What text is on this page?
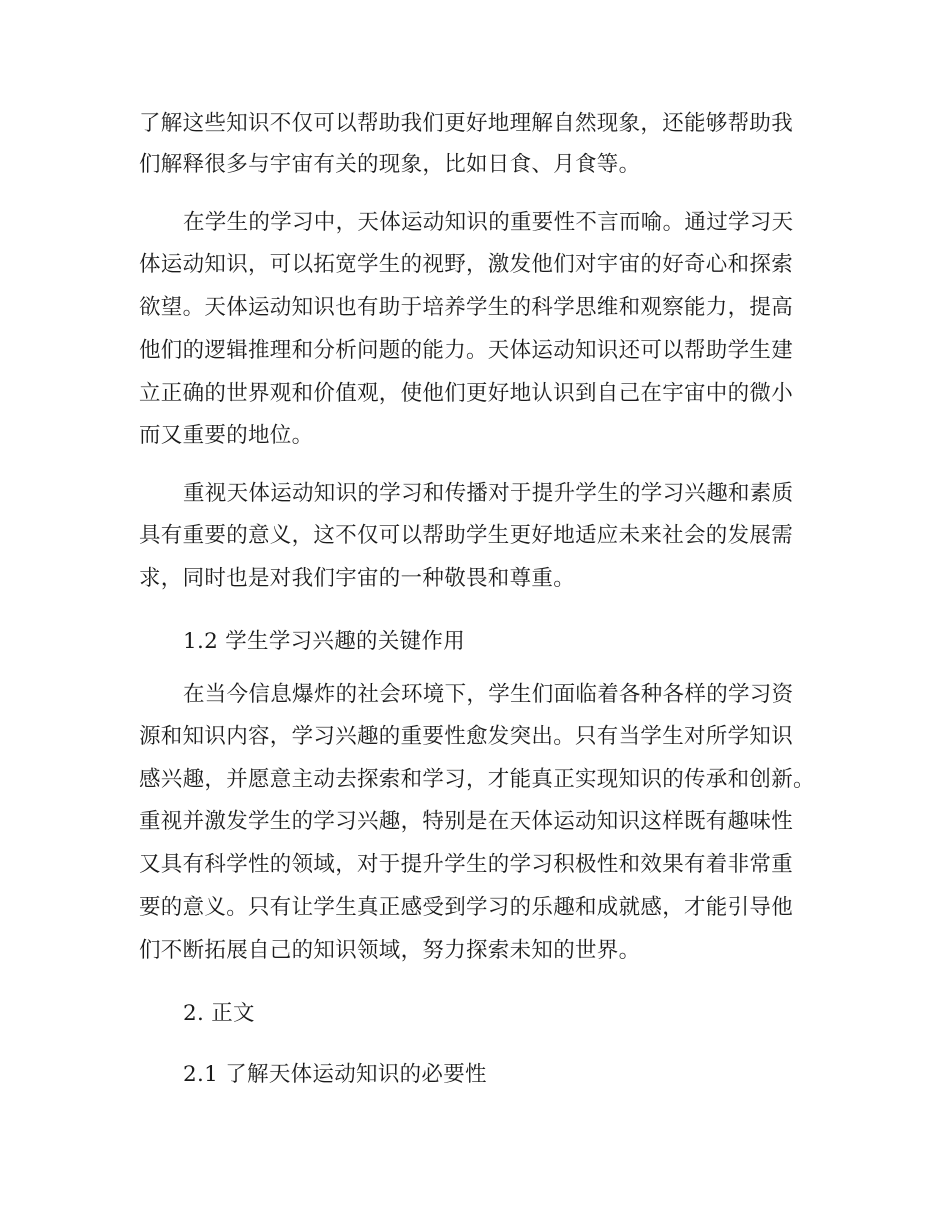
了解这些知识不仅可以帮助我们更好地理解自然现象，还能够帮助我
们解释很多与宇宙有关的现象，比如日食、月食等。
在学生的学习中，天体运动知识的重要性不言而喻。通过学习天
体运动知识，可以拓宽学生的视野，激发他们对宇宙的好奇心和探索
欲望。天体运动知识也有助于培养学生的科学思维和观察能力，提高
他们的逻辑推理和分析问题的能力。天体运动知识还可以帮助学生建
立正确的世界观和价值观，使他们更好地认识到自己在宇宙中的微小
而又重要的地位。
重视天体运动知识的学习和传播对于提升学生的学习兴趣和素质
具有重要的意义，这不仅可以帮助学生更好地适应未来社会的发展需
求，同时也是对我们宇宙的一种敬畏和尊重。
1.2 学生学习兴趣的关键作用
在当今信息爆炸的社会环境下，学生们面临着各种各样的学习资
源和知识内容，学习兴趣的重要性愈发突出。只有当学生对所学知识
感兴趣，并愿意主动去探索和学习，才能真正实现知识的传承和创新。
重视并激发学生的学习兴趣，特别是在天体运动知识这样既有趣味性
又具有科学性的领域，对于提升学生的学习积极性和效果有着非常重
要的意义。只有让学生真正感受到学习的乐趣和成就感，才能引导他
们不断拓展自己的知识领域，努力探索未知的世界。
2. 正文
2.1 了解天体运动知识的必要性
